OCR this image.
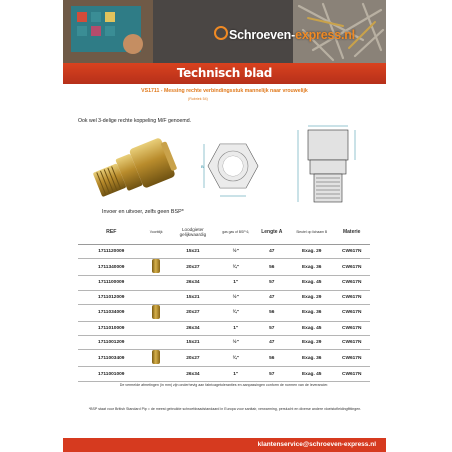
Schroeven-express.nl
Technisch blad
VS1711 - Messing rechte verbindingsstuk mannelijk naar vrouwelijk
(Rubriek 54)
Ook wel 3-delige rechte koppeling M/F genoemd.
B
Invoer en uitvoer, zelfs geen BSP*
REF	Voorblijk	Loodgieter gelijkwaardig	gas gas of BSP 6,	Lengte A	Sleutel op lichaam B	Materie
1711120009		15x21	½"	47	Exag. 29	CW617N
1711340009		20x27	¾"	56	Exag. 36	CW617N
1711100009		26x34	1"	57	Exag. 45	CW617N
1711012009		15x21	½"	47	Exag. 29	CW617N
1711034009		20x27	¾"	56	Exag. 36	CW617N
1711010009		26x34	1"	57	Exag. 45	CW617N
1711001209		15x21	½"	47	Exag. 29	CW617N
1711003409		20x27	¾"	56	Exag. 36	CW617N
1711001009		26x34	1"	57	Exag. 45	CW617N
De vermelde afmetingen (in mm) zijn onderhevig aan fabricagetoleranties en aanpassingen conform de normen van de leverancier.
*BSP staat voor British Standard Pip = de meest gebruikte schroefdraadstandaard in Europa voor sanitair, verwarming, perslucht en diverse andere vloeistofleidingfittingen.
klantenservice@schroeven-express.nl
